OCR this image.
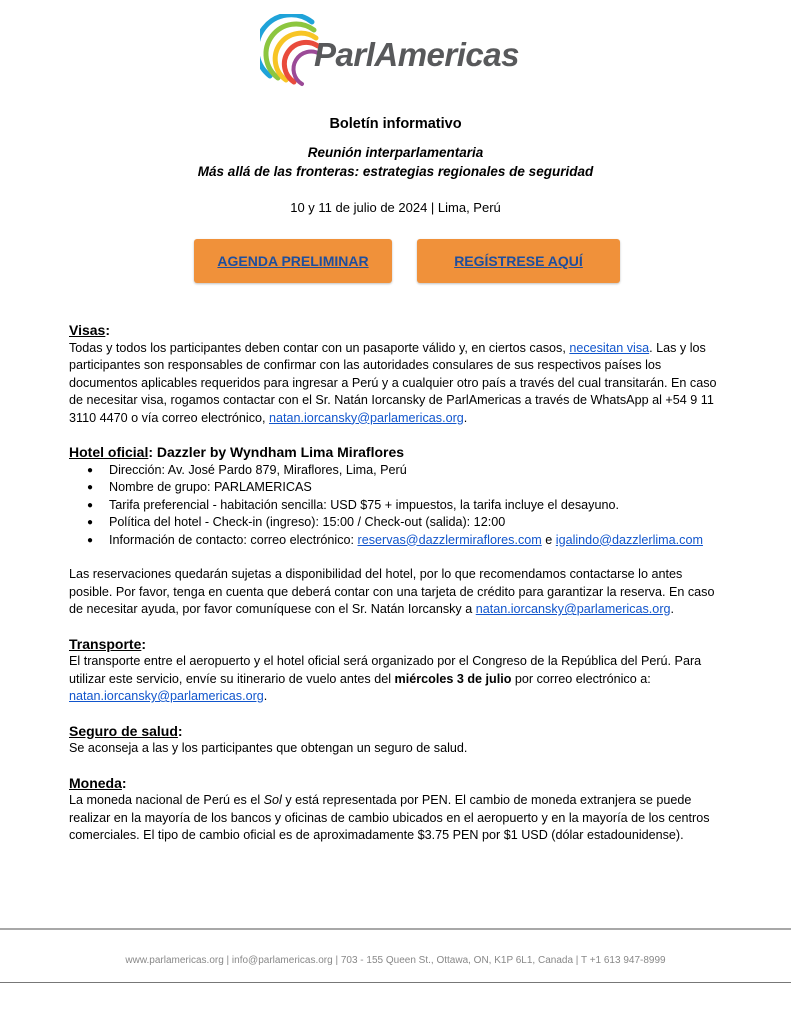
ParlAmericas
Boletín informativo
Reunión interparlamentaria
Más allá de las fronteras: estrategias regionales de seguridad
10 y 11 de julio de 2024 | Lima, Perú
AGENDA PRELIMINAR	REGÍSTRESE AQUÍ
Visas:

Todas y todos los participantes deben contar con un pasaporte válido y, en ciertos casos, necesitan visa. Las y los participantes son responsables de confirmar con las autoridades consulares de sus respectivos países los documentos aplicables requeridos para ingresar a Perú y a cualquier otro país a través del cual transitarán. En caso de necesitar visa, rogamos contactar con el Sr. Natán Iorcansky de ParlAmericas a través de WhatsApp al +54 9 11 3110 4470 o vía correo electrónico, natan.iorcansky@parlamericas.org.

Hotel oficial: Dazzler by Wyndham Lima Miraflores
● Dirección: Av. José Pardo 879, Miraflores, Lima, Perú
● Nombre de grupo: PARLAMERICAS
● Tarifa preferencial - habitación sencilla: USD $75 + impuestos, la tarifa incluye el desayuno.
● Política del hotel - Check-in (ingreso): 15:00 / Check-out (salida): 12:00
● Información de contacto: correo electrónico: reservas@dazzlermiraflores.com e igalindo@dazzlerlima.com

Las reservaciones quedarán sujetas a disponibilidad del hotel, por lo que recomendamos contactarse lo antes posible. Por favor, tenga en cuenta que deberá contar con una tarjeta de crédito para garantizar la reserva. En caso de necesitar ayuda, por favor comuníquese con el Sr. Natán Iorcansky a natan.iorcansky@parlamericas.org.

Transporte:

El transporte entre el aeropuerto y el hotel oficial será organizado por el Congreso de la República del Perú. Para utilizar este servicio, envíe su itinerario de vuelo antes del miércoles 3 de julio por correo electrónico a: natan.iorcansky@parlamericas.org.

Seguro de salud:

Se aconseja a las y los participantes que obtengan un seguro de salud.

Moneda:

La moneda nacional de Perú es el Sol y está representada por PEN. El cambio de moneda extranjera se puede realizar en la mayoría de los bancos y oficinas de cambio ubicados en el aeropuerto y en la mayoría de los centros comerciales. El tipo de cambio oficial es de aproximadamente $3.75 PEN por $1 USD (dólar estadounidense).

www.parlamericas.org | info@parlamericas.org | 703 - 155 Queen St., Ottawa, ON, K1P 6L1, Canada | T +1 613 947-8999
